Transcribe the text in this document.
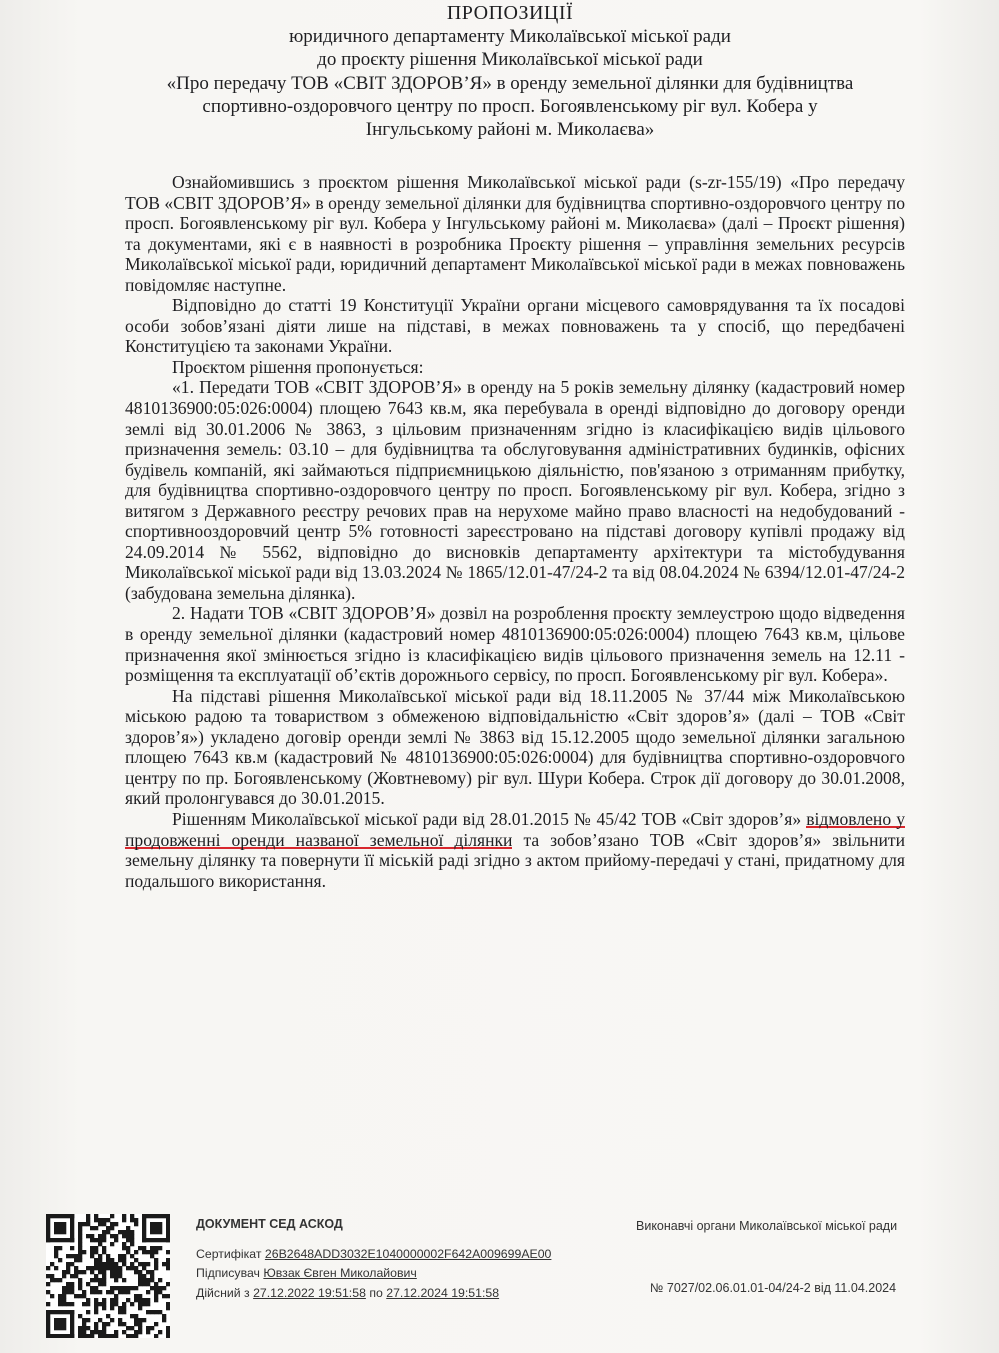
ПРОПОЗИЦІЇ
юридичного департаменту Миколаївської міської ради
до проєкту рішення Миколаївської міської ради
«Про передачу ТОВ «СВІТ ЗДОРОВ’Я» в оренду земельної ділянки для будівництва
спортивно-оздоровчого центру по просп. Богоявленському ріг вул. Кобера у
Інгульському районі м. Миколаєва»

Ознайомившись з проєктом рішення Миколаївської міської ради (s-zr-155/19) «Про передачу ТОВ «СВІТ ЗДОРОВ’Я» в оренду земельної ділянки для будівництва спортивно-оздоровчого центру по просп. Богоявленському ріг вул. Кобера у Інгульському районі м. Миколаєва» (далі – Проєкт рішення) та документами, які є в наявності в розробника Проєкту рішення – управління земельних ресурсів Миколаївської міської ради, юридичний департамент Миколаївської міської ради в межах повноважень повідомляє наступне.

Відповідно до статті 19 Конституції України органи місцевого самоврядування та їх посадові особи зобов’язані діяти лише на підставі, в межах повноважень та у спосіб, що передбачені Конституцією та законами України.

Проєктом рішення пропонується:

«1. Передати ТОВ «СВІТ ЗДОРОВ’Я» в оренду на 5 років земельну ділянку (кадастровий номер 4810136900:05:026:0004) площею 7643 кв.м, яка перебувала в оренді відповідно до договору оренди землі від 30.01.2006 № 3863, з цільовим призначенням згідно із класифікацією видів цільового призначення земель: 03.10 – для будівництва та обслуговування адміністративних будинків, офісних будівель компаній, які займаються підприємницькою діяльністю, пов'язаною з отриманням прибутку, для будівництва спортивно-оздоровчого центру по просп. Богоявленському ріг вул. Кобера, згідно з витягом з Державного реєстру речових прав на нерухоме майно право власності на недобудований - спортивнооздоровчий центр 5% готовності зареєстровано на підставі договору купівлі продажу від 24.09.2014 № 5562, відповідно до висновків департаменту архітектури та містобудування Миколаївської міської ради від 13.03.2024 № 1865/12.01-47/24-2 та від 08.04.2024 № 6394/12.01-47/24-2 (забудована земельна ділянка).

2. Надати ТОВ «СВІТ ЗДОРОВ’Я» дозвіл на розроблення проєкту землеустрою щодо відведення в оренду земельної ділянки (кадастровий номер 4810136900:05:026:0004) площею 7643 кв.м, цільове призначення якої змінюється згідно із класифікацією видів цільового призначення земель на 12.11 - розміщення та експлуатації об’єктів дорожнього сервісу, по просп. Богоявленському ріг вул. Кобера».

На підставі рішення Миколаївської міської ради від 18.11.2005 № 37/44 між Миколаївською міською радою та товариством з обмеженою відповідальністю «Світ здоров’я» (далі – ТОВ «Світ здоров’я») укладено договір оренди землі № 3863 від 15.12.2005 щодо земельної ділянки загальною площею 7643 кв.м (кадастровий № 4810136900:05:026:0004) для будівництва спортивно-оздоровчого центру по пр. Богоявленському (Жовтневому) ріг вул. Шури Кобера. Строк дії договору до 30.01.2008, який пролонгувався до 30.01.2015.

Рішенням Миколаївської міської ради від 28.01.2015 № 45/42 ТОВ «Світ здоров’я» відмовлено у продовженні оренди названої земельної ділянки та зобов’язано ТОВ «Світ здоров’я» звільнити земельну ділянку та повернути її міській раді згідно з актом прийому-передачі у стані, придатному для подальшого використання.

ДОКУМЕНТ СЕД АСКОД
Сертифікат 26B2648ADD3032E1040000002F642A009699AE00
Підписувач Ювзак Євген Миколайович
Дійсний з 27.12.2022 19:51:58 по 27.12.2024 19:51:58
Виконавчі органи Миколаївської міської ради
№ 7027/02.06.01.01-04/24-2 від 11.04.2024
